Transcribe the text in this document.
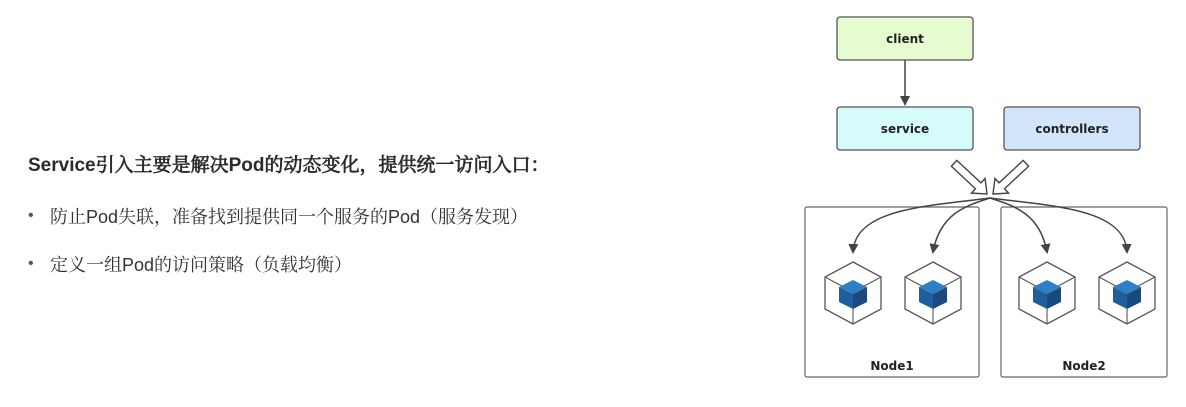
Service引入主要是解决Pod的动态变化，提供统一访问入口：
• 防止Pod失联，准备找到提供同一个服务的Pod（服务发现）
• 定义一组Pod的访问策略（负载均衡）
client
service	controllers
Node1	Node2
